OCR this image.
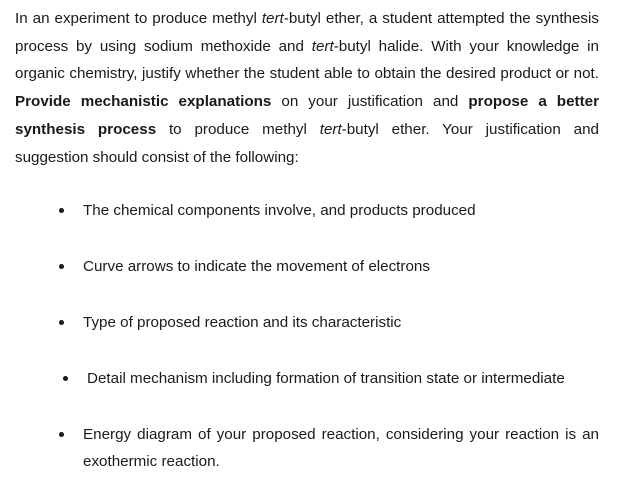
In an experiment to produce methyl tert-butyl ether, a student attempted the synthesis process by using sodium methoxide and tert-butyl halide. With your knowledge in organic chemistry, justify whether the student able to obtain the desired product or not. Provide mechanistic explanations on your justification and propose a better synthesis process to produce methyl tert-butyl ether. Your justification and suggestion should consist of the following:

The chemical components involve, and products produced
Curve arrows to indicate the movement of electrons
Type of proposed reaction and its characteristic
Detail mechanism including formation of transition state or intermediate
Energy diagram of your proposed reaction, considering your reaction is an exothermic reaction.
